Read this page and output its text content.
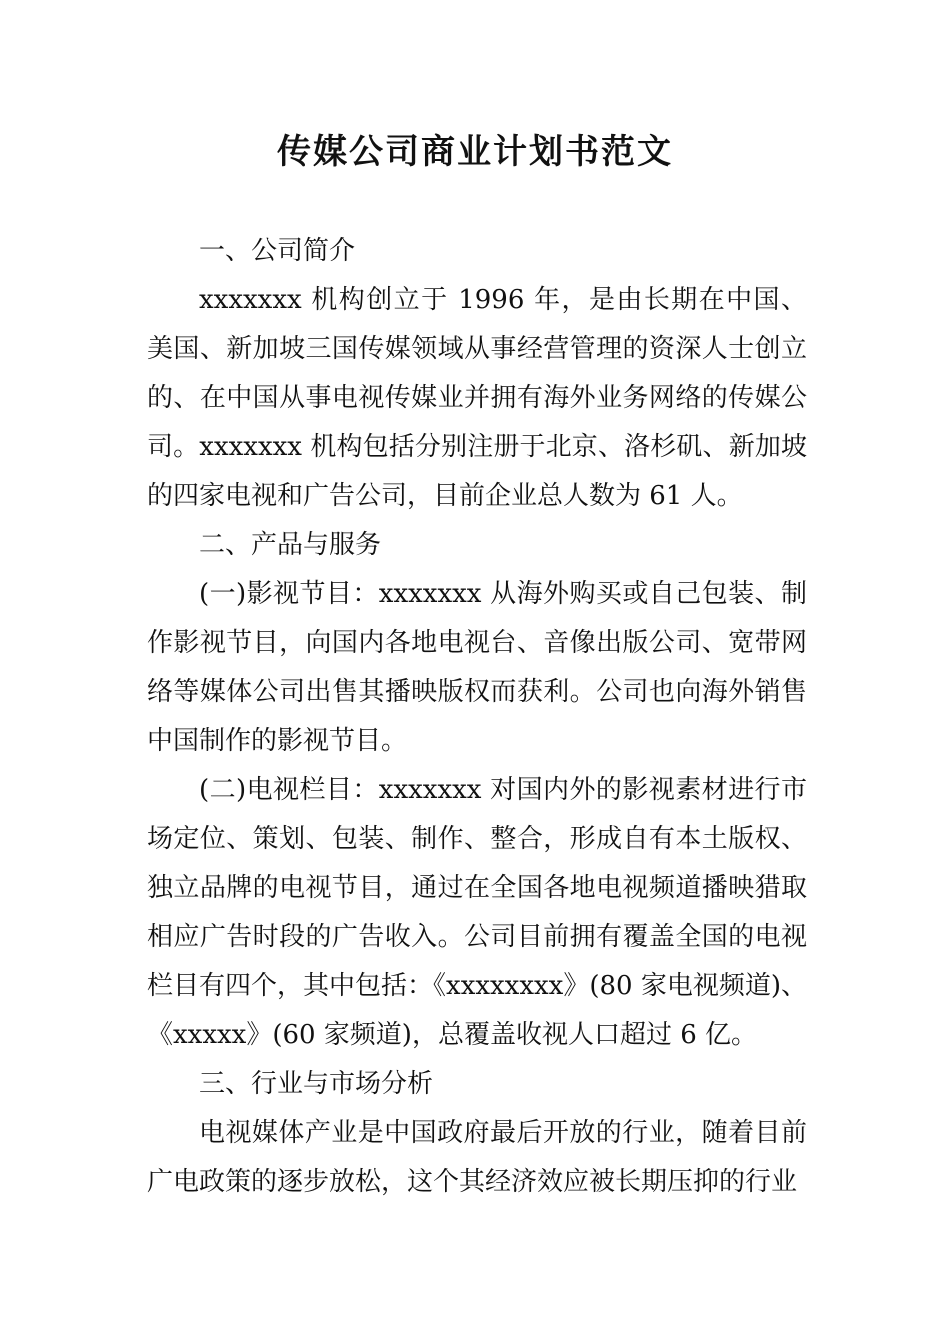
传媒公司商业计划书范文

一、公司简介

xxxxxxx 机构创立于 1996 年，是由长期在中国、美国、新加坡三国传媒领域从事经营管理的资深人士创立的、在中国从事电视传媒业并拥有海外业务网络的传媒公司。xxxxxxx 机构包括分别注册于北京、洛杉矶、新加坡的四家电视和广告公司，目前企业总人数为 61 人。

二、产品与服务

(一)影视节目：xxxxxxx 从海外购买或自己包装、制作影视节目，向国内各地电视台、音像出版公司、宽带网络等媒体公司出售其播映版权而获利。公司也向海外销售中国制作的影视节目。

(二)电视栏目：xxxxxxx 对国内外的影视素材进行市场定位、策划、包装、制作、整合，形成自有本土版权、独立品牌的电视节目，通过在全国各地电视频道播映猎取相应广告时段的广告收入。公司目前拥有覆盖全国的电视栏目有四个，其中包括：《xxxxxxxx》(80 家电视频道)、《xxxxx》(60 家频道)，总覆盖收视人口超过 6 亿。

三、行业与市场分析

电视媒体产业是中国政府最后开放的行业，随着目前广电政策的逐步放松，这个其经济效应被长期压抑的行业
